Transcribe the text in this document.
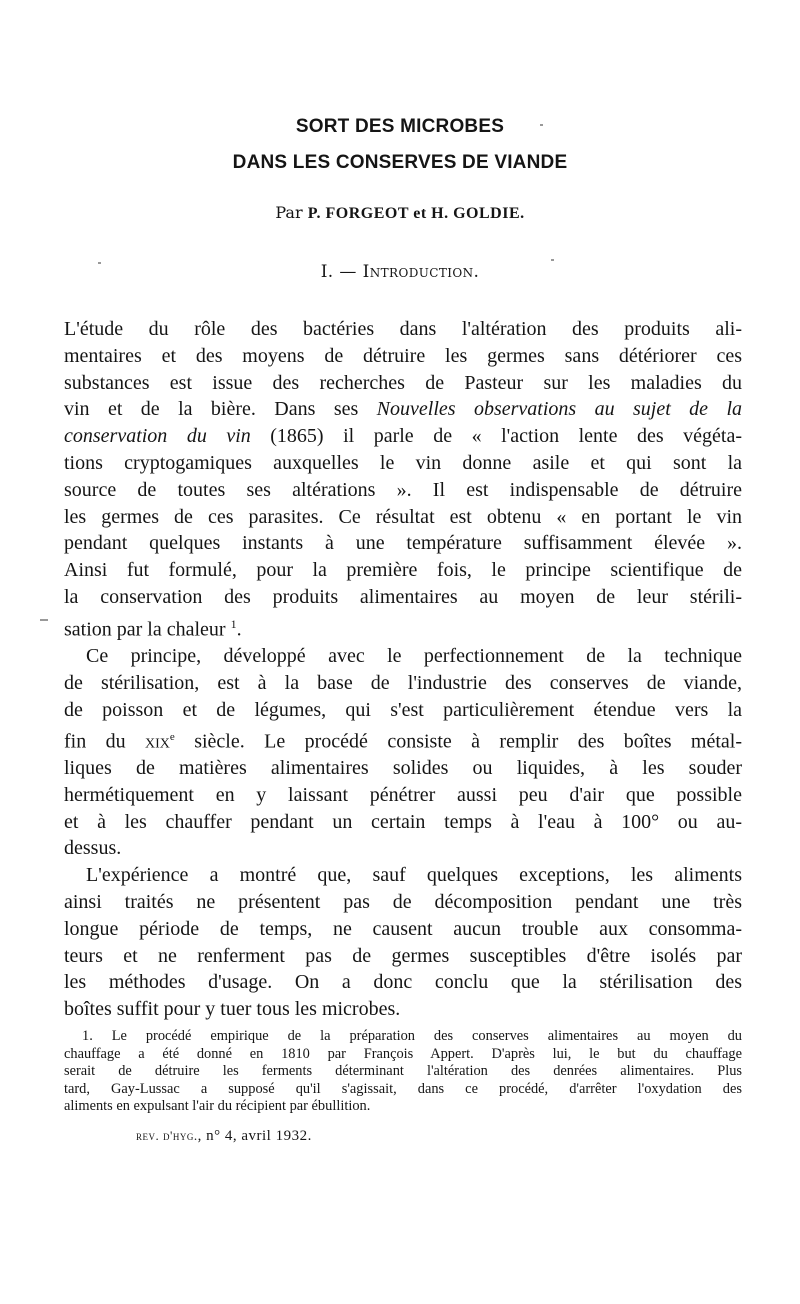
SORT DES MICROBES
DANS LES CONSERVES DE VIANDE
Par P. FORGEOT et H. GOLDIE.
I. — Introduction.
L'étude du rôle des bactéries dans l'altération des produits ali-
mentaires et des moyens de détruire les germes sans détériorer ces
substances est issue des recherches de Pasteur sur les maladies du
vin et de la bière. Dans ses Nouvelles observations au sujet de la
conservation du vin (1865) il parle de « l'action lente des végéta-
tions cryptogamiques auxquelles le vin donne asile et qui sont la
source de toutes ses altérations ». Il est indispensable de détruire
les germes de ces parasites. Ce résultat est obtenu « en portant le vin
pendant quelques instants à une température suffisamment élevée ».
Ainsi fut formulé, pour la première fois, le principe scientifique de
la conservation des produits alimentaires au moyen de leur stérili-
sation par la chaleur $^1$.
Ce principe, développé avec le perfectionnement de la technique
de stérilisation, est à la base de l'industrie des conserves de viande,
de poisson et de légumes, qui s'est particulièrement étendue vers la
fin du xix$^e$ siècle. Le procédé consiste à remplir des boîtes métal-
liques de matières alimentaires solides ou liquides, à les souder
hermétiquement en y laissant pénétrer aussi peu d'air que possible
et à les chauffer pendant un certain temps à l'eau à 100° ou au-
dessus.
L'expérience a montré que, sauf quelques exceptions, les aliments
ainsi traités ne présentent pas de décomposition pendant une très
longue période de temps, ne causent aucun trouble aux consomma-
teurs et ne renferment pas de germes susceptibles d'être isolés par
les méthodes d'usage. On a donc conclu que la stérilisation des
boîtes suffit pour y tuer tous les microbes.
1. Le procédé empirique de la préparation des conserves alimentaires au moyen du
chauffage a été donné en 1810 par François Appert. D'après lui, le but du chauffage
serait de détruire les ferments déterminant l'altération des denrées alimentaires. Plus
tard, Gay-Lussac a supposé qu'il s'agissait, dans ce procédé, d'arrêter l'oxydation des
aliments en expulsant l'air du récipient par ébullition.
rev. d'hyg., n° 4, avril 1932.
